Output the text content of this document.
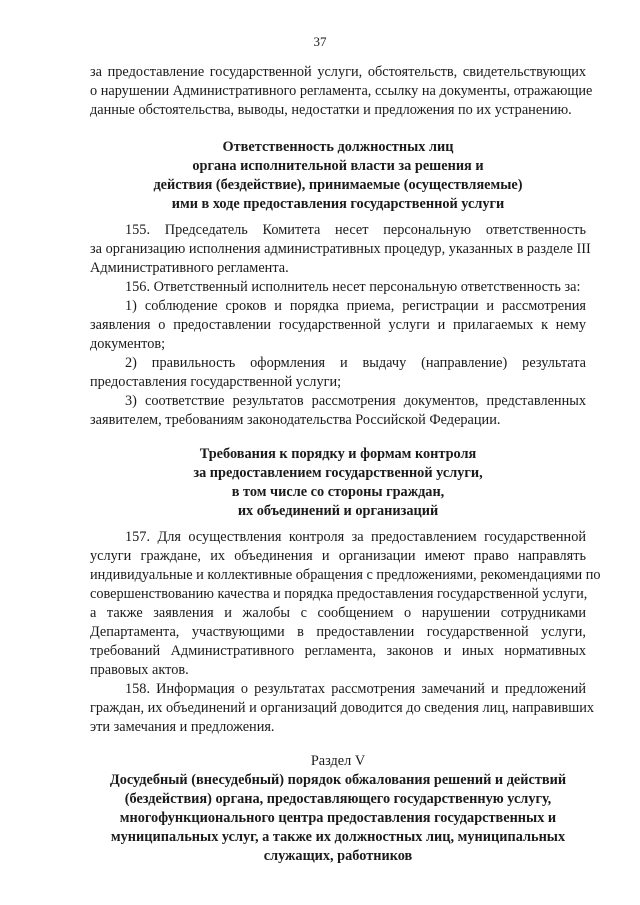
37
за предоставление государственной услуги, обстоятельств, свидетельствующих
о нарушении Административного регламента, ссылку на документы, отражающие
данные обстоятельства, выводы, недостатки и предложения по их устранению.
Ответственность должностных лиц
органа исполнительной власти за решения и
действия (бездействие), принимаемые (осуществляемые)
ими в ходе предоставления государственной услуги
155. Председатель Комитета несет персональную ответственность
за организацию исполнения административных процедур, указанных в разделе III
Административного регламента.
156. Ответственный исполнитель несет персональную ответственность за:
1) соблюдение сроков и порядка приема, регистрации и рассмотрения
заявления о предоставлении государственной услуги и прилагаемых к нему
документов;
2) правильность оформления и выдачу (направление) результата
предоставления государственной услуги;
3) соответствие результатов рассмотрения документов, представленных
заявителем, требованиям законодательства Российской Федерации.
Требования к порядку и формам контроля
за предоставлением государственной услуги,
в том числе со стороны граждан,
их объединений и организаций
157. Для осуществления контроля за предоставлением государственной
услуги граждане, их объединения и организации имеют право направлять
индивидуальные и коллективные обращения с предложениями, рекомендациями по
совершенствованию качества и порядка предоставления государственной услуги,
а также заявления и жалобы с сообщением о нарушении сотрудниками
Департамента, участвующими в предоставлении государственной услуги,
требований Административного регламента, законов и иных нормативных
правовых актов.
158. Информация о результатах рассмотрения замечаний и предложений
граждан, их объединений и организаций доводится до сведения лиц, направивших
эти замечания и предложения.
Раздел V
Досудебный (внесудебный) порядок обжалования решений и действий
(бездействия) органа, предоставляющего государственную услугу,
многофункционального центра предоставления государственных и
муниципальных услуг, а также их должностных лиц, муниципальных
служащих, работников
